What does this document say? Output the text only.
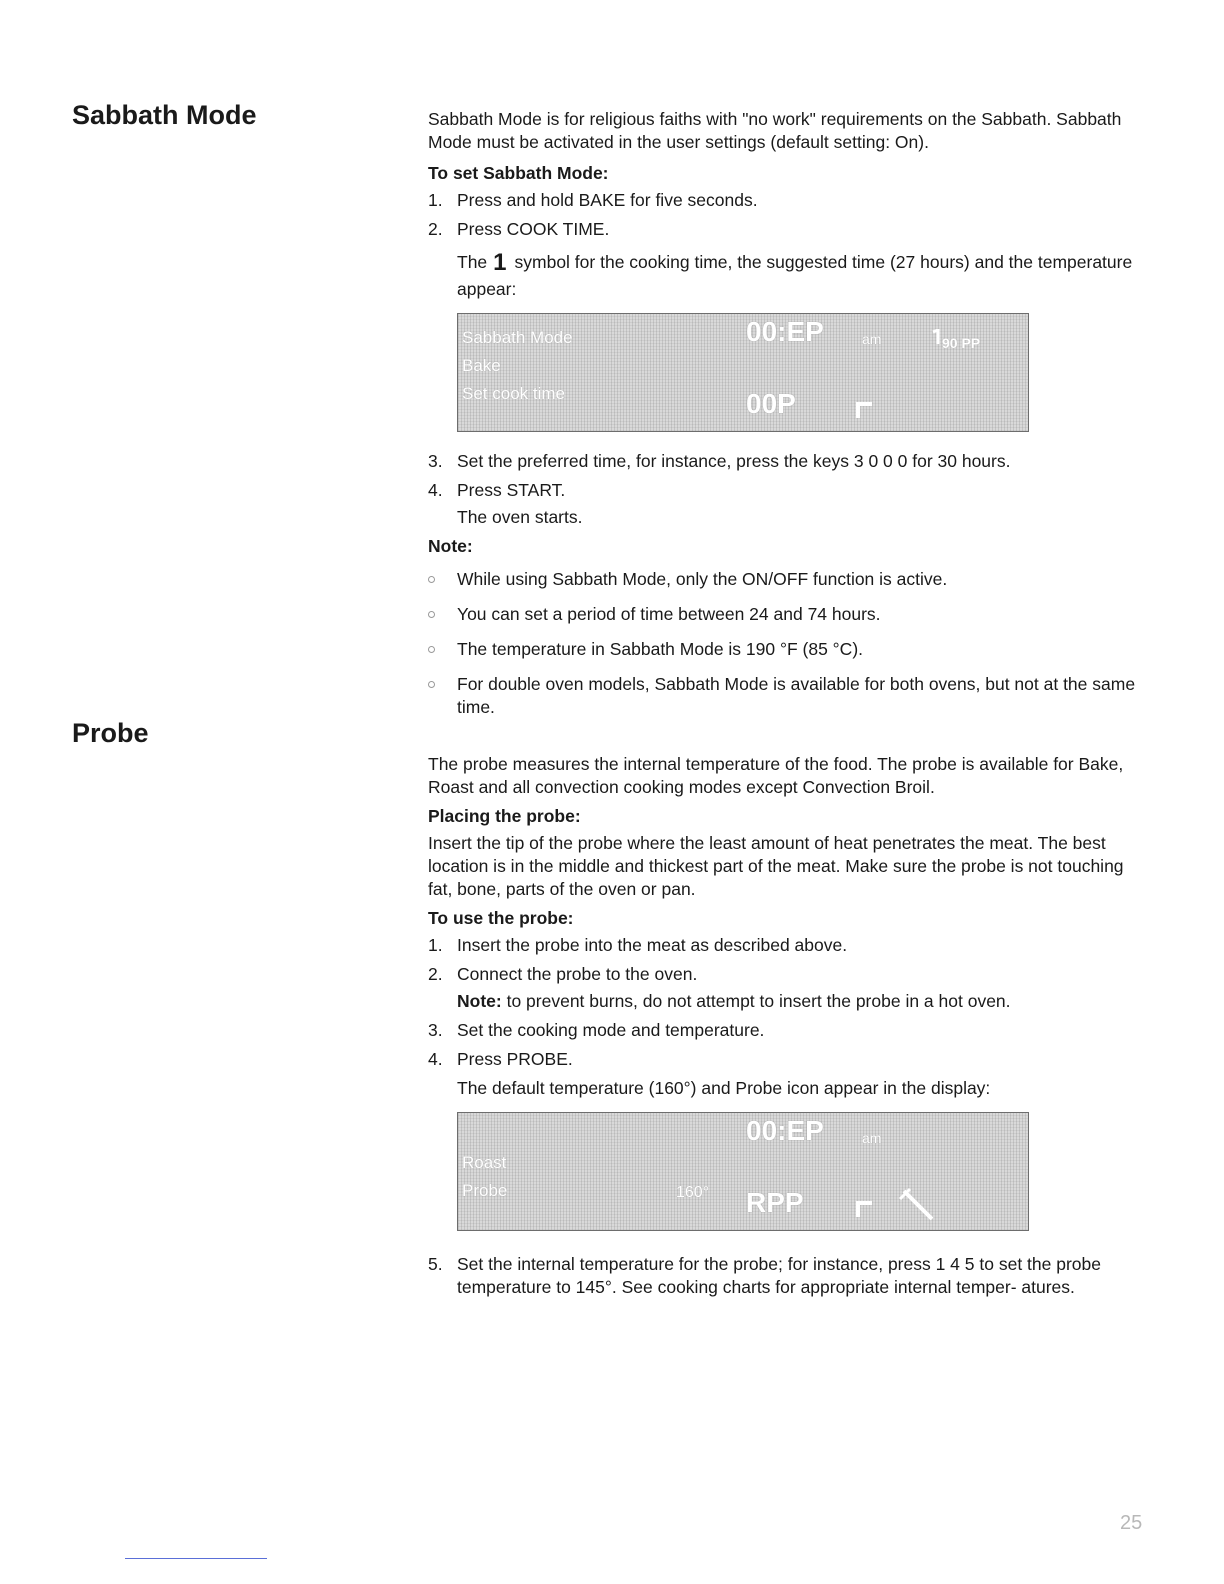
Sabbath Mode	Sabbath Mode is for religious faiths with "no work" requirements on the Sabbath. Sabbath Mode must be activated in the user settings (default setting: On).

To set Sabbath Mode:

1. Press and hold BAKE for five seconds.
2. Press COOK TIME.
The 1 symbol for the cooking time, the suggested time (27 hours) and the temperature appear:
Sabbath Mode
Bake
Set cook time
00:EP
00P
am	90 PP
3. Set the preferred time, for instance, press the keys 3 0 0 0 for 30 hours.
4. Press START.
The oven starts.

Note:

While using Sabbath Mode, only the ON/OFF function is active.
You can set a period of time between 24 and 74 hours.
The temperature in Sabbath Mode is 190 °F (85 °C).
For double oven models, Sabbath Mode is available for both ovens, but not at the same time.
Probe

The probe measures the internal temperature of the food. The probe is available for Bake, Roast and all convection cooking modes except Convection Broil.

Placing the probe:

Insert the tip of the probe where the least amount of heat penetrates the meat. The best location is in the middle and thickest part of the meat. Make sure the probe is not touching fat, bone, parts of the oven or pan.

To use the probe:

1. Insert the probe into the meat as described above.
2. Connect the probe to the oven.
Note: to prevent burns, do not attempt to insert the probe in a hot oven.
3. Set the cooking mode and temperature.
4. Press PROBE.
The default temperature (160°) and Probe icon appear in the display:
Roast
Probe	160°
00:EP
RPP
am
5. Set the internal temperature for the probe; for instance, press 1 4 5 to set the probe temperature to 145°. See cooking charts for appropriate internal temper- atures.
25
